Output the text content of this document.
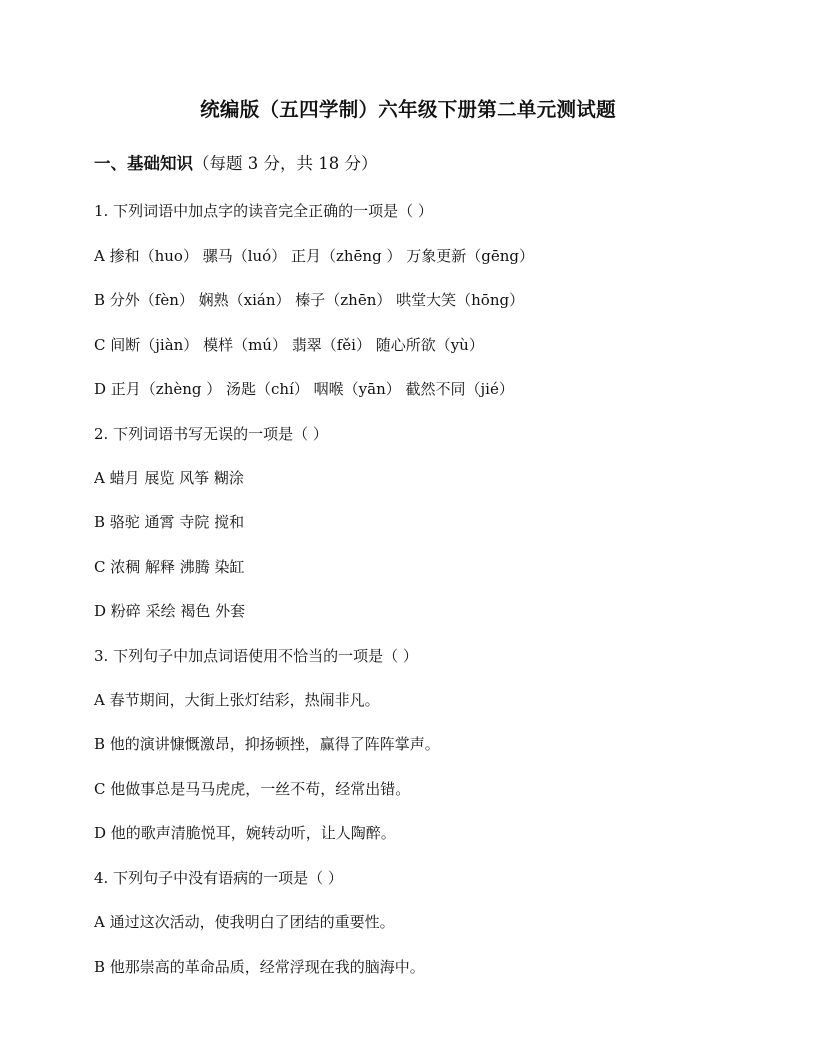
统编版（五四学制）六年级下册第二单元测试题
一、基础知识（每题 3 分，共 18 分）
1. 下列词语中加点字的读音完全正确的一项是（ ）
A 掺和（huo） 骡马（luó） 正月（zhēng ） 万象更新（gēng）
B 分外（fèn） 娴熟（xián） 榛子（zhēn） 哄堂大笑（hōng）
C 间断（jiàn） 模样（mú） 翡翠（fěi） 随心所欲（yù）
D 正月（zhèng ） 汤匙（chí） 咽喉（yān） 截然不同（jié）
2. 下列词语书写无误的一项是（ ）
A 蜡月 展览 风筝 糊涂
B 骆驼 通霄 寺院 搅和
C 浓稠 解释 沸腾 染缸
D 粉碎 采绘 褐色 外套
3. 下列句子中加点词语使用不恰当的一项是（ ）
A 春节期间，大街上张灯结彩，热闹非凡。
B 他的演讲慷慨激昂，抑扬顿挫，赢得了阵阵掌声。
C 他做事总是马马虎虎，一丝不苟，经常出错。
D 他的歌声清脆悦耳，婉转动听，让人陶醉。
4. 下列句子中没有语病的一项是（ ）
A 通过这次活动，使我明白了团结的重要性。
B 他那崇高的革命品质，经常浮现在我的脑海中。
